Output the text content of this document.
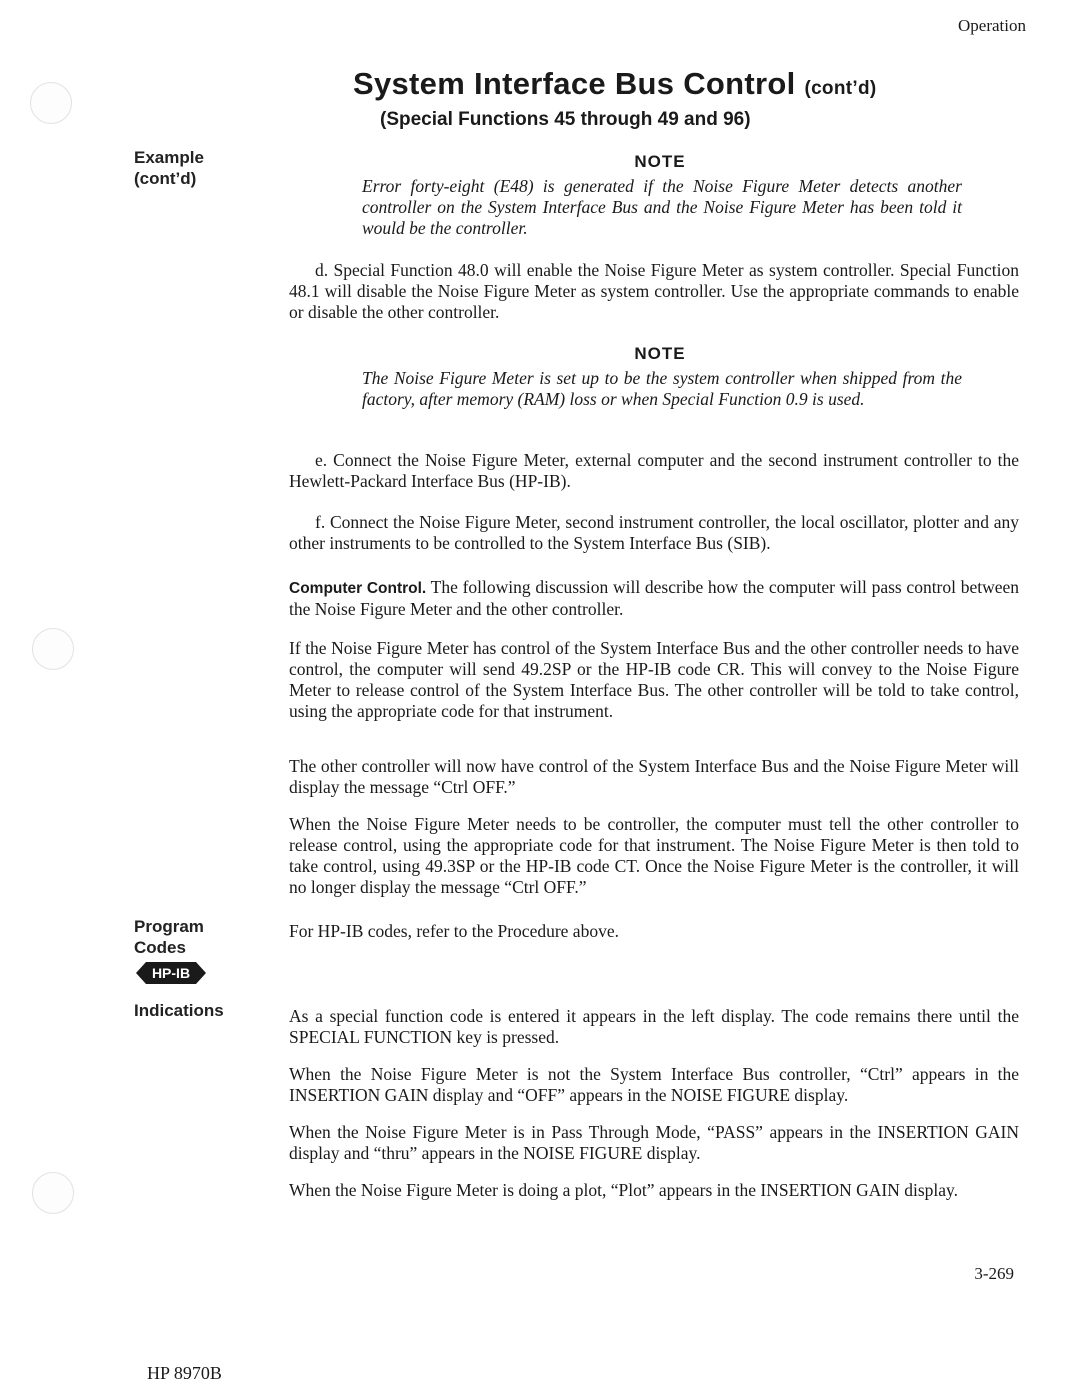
Operation
System Interface Bus Control (cont’d)
(Special Functions 45 through 49 and 96)
Example
(cont’d)
Program
Codes
HP-IB
Indications
NOTE
Error forty-eight (E48) is generated if the Noise Figure Meter detects another controller on the System Interface Bus and the Noise Figure Meter has been told it would be the controller.
d. Special Function 48.0 will enable the Noise Figure Meter as system controller. Special Function 48.1 will disable the Noise Figure Meter as system controller. Use the appropriate commands to enable or disable the other controller.
NOTE
The Noise Figure Meter is set up to be the system controller when shipped from the factory, after memory (RAM) loss or when Special Function 0.9 is used.
e. Connect the Noise Figure Meter, external computer and the second instrument controller to the Hewlett-Packard Interface Bus (HP-IB).
f. Connect the Noise Figure Meter, second instrument controller, the local oscillator, plotter and any other instruments to be controlled to the System Interface Bus (SIB).
Computer Control. The following discussion will describe how the computer will pass control between the Noise Figure Meter and the other controller.
If the Noise Figure Meter has control of the System Interface Bus and the other controller needs to have control, the computer will send 49.2SP or the HP-IB code CR. This will convey to the Noise Figure Meter to release control of the System Interface Bus. The other controller will be told to take control, using the appropriate code for that instrument.
The other controller will now have control of the System Interface Bus and the Noise Figure Meter will display the message “Ctrl OFF.”
When the Noise Figure Meter needs to be controller, the computer must tell the other controller to release control, using the appropriate code for that instrument. The Noise Figure Meter is then told to take control, using 49.3SP or the HP-IB code CT. Once the Noise Figure Meter is the controller, it will no longer display the message “Ctrl OFF.”
For HP-IB codes, refer to the Procedure above.
As a special function code is entered it appears in the left display. The code remains there until the SPECIAL FUNCTION key is pressed.
When the Noise Figure Meter is not the System Interface Bus controller, “Ctrl” appears in the INSERTION GAIN display and “OFF” appears in the NOISE FIGURE display.
When the Noise Figure Meter is in Pass Through Mode, “PASS” appears in the INSERTION GAIN display and “thru” appears in the NOISE FIGURE display.
When the Noise Figure Meter is doing a plot, “Plot” appears in the INSERTION GAIN display.
3-269
HP 8970B
